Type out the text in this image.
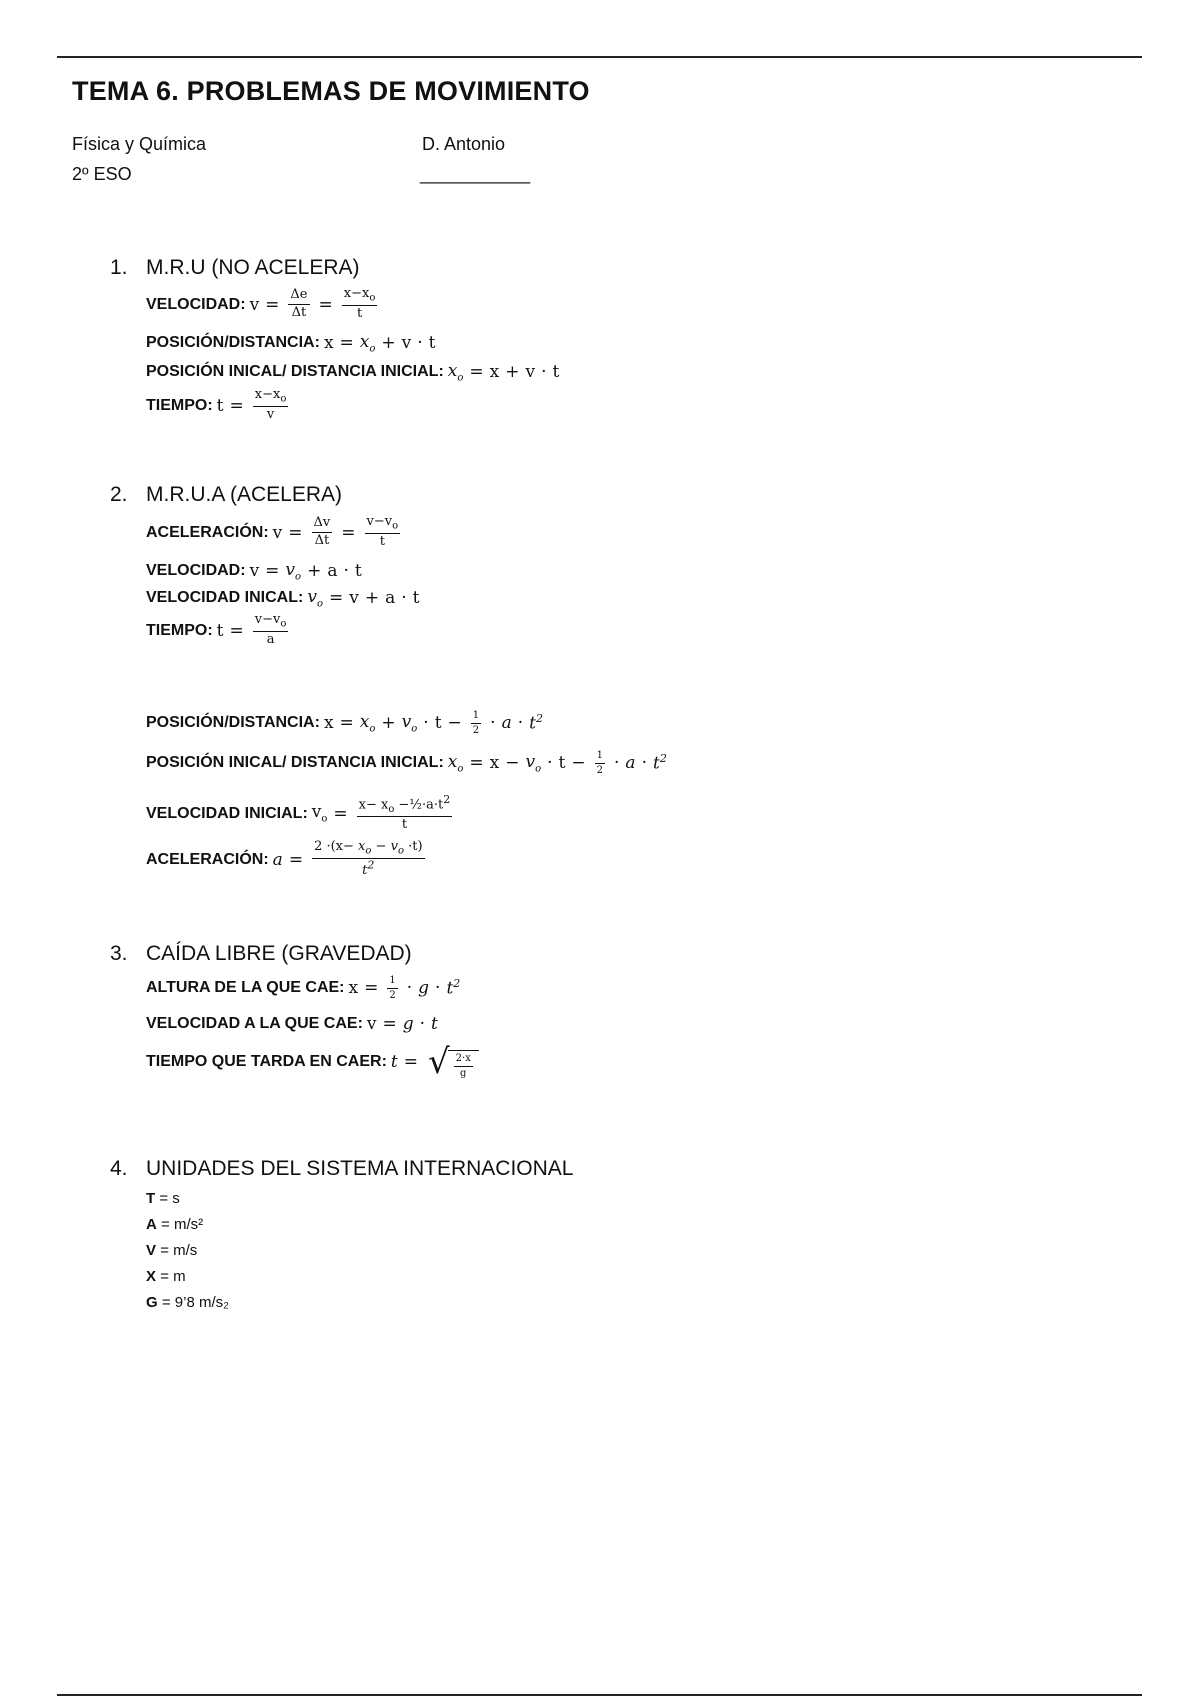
TEMA 6. PROBLEMAS DE MOVIMIENTO
Física y Química	D. Antonio
2º ESO	___________
1. M.R.U (NO ACELERA)
VELOCIDAD: $v = \frac{\Delta e}{\Delta t} = \frac{x-x_o}{t}$
POSICIÓN/DISTANCIA: $x = x_o + v \cdot t$
POSICIÓN INICAL/ DISTANCIA INICIAL: $x_o = x + v \cdot t$
TIEMPO: $t = \frac{x-x_o}{v}$
2. M.R.U.A (ACELERA)
ACELERACIÓN: $v = \frac{\Delta v}{\Delta t} = \frac{v-v_o}{t}$
VELOCIDAD: $v = v_o + a \cdot t$
VELOCIDAD INICAL: $v_o = v + a \cdot t$
TIEMPO: $t = \frac{v-v_o}{a}$
POSICIÓN/DISTANCIA: $x = x_o + v_o \cdot t - \frac{1}{2} \cdot a \cdot t^2$
POSICIÓN INICAL/ DISTANCIA INICIAL: $x_o = x - v_o \cdot t - \frac{1}{2} \cdot a \cdot t^2$
VELOCIDAD INICIAL: $v_o = \frac{x- x_o -\frac{1}{2}\cdot a\cdot t^2}{t}$
ACELERACIÓN: $a = \frac{2 \cdot(x- x_o - v_o \cdot t)}{t^2}$
3. CAÍDA LIBRE (GRAVEDAD)
ALTURA DE LA QUE CAE: $x = \frac{1}{2} \cdot g \cdot t^2$
VELOCIDAD A LA QUE CAE: v = g · t
TIEMPO QUE TARDA EN CAER: t = √ $\frac{2\cdot x}{g}$
4. UNIDADES DEL SISTEMA INTERNACIONAL
T = s
A = m/s²
V = m/s
X = m
G = 9’8 m/s₂
